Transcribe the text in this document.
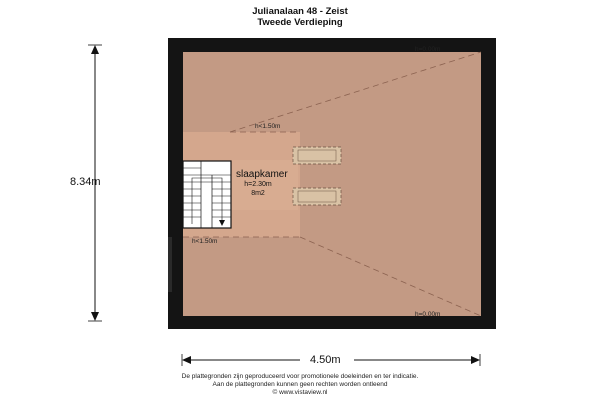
Julianalaan 48 - Zeist
Tweede Verdieping
8.34m
4.50m
h=0.00m
h=0.00m
h<1.50m
h<1.50m
slaapkamer
h=2.30m
8m2
De plattegronden zijn geproduceerd voor promotionele doeleinden en ter indicatie.
Aan de plattegronden kunnen geen rechten worden ontleend
© www.vistaview.nl
